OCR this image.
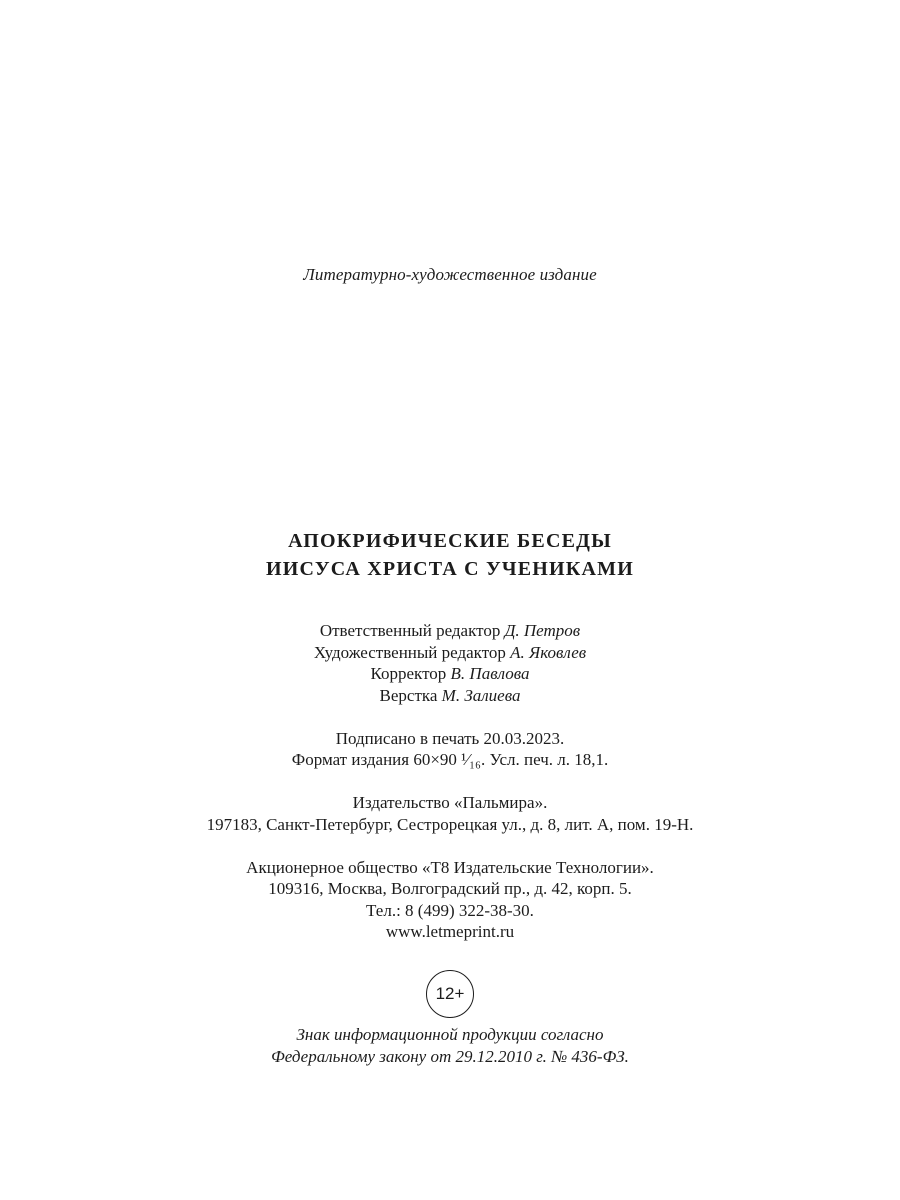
Литературно-художественное издание
АПОКРИФИЧЕСКИЕ БЕСЕДЫ
ИИСУСА ХРИСТА С УЧЕНИКАМИ
Ответственный редактор Д. Петров
Художественный редактор А. Яковлев
Корректор В. Павлова
Верстка М. Залиева
Подписано в печать 20.03.2023.
Формат издания 60×90 ¹⁄₁₆. Усл. печ. л. 18,1.
Издательство «Пальмира».
197183, Санкт-Петербург, Сестрорецкая ул., д. 8, лит. А, пом. 19-Н.
Акционерное общество «Т8 Издательские Технологии».
109316, Москва, Волгоградский пр., д. 42, корп. 5.
Тел.: 8 (499) 322-38-30.
www.letmeprint.ru
12+
Знак информационной продукции согласно
Федеральному закону от 29.12.2010 г. № 436-ФЗ.
